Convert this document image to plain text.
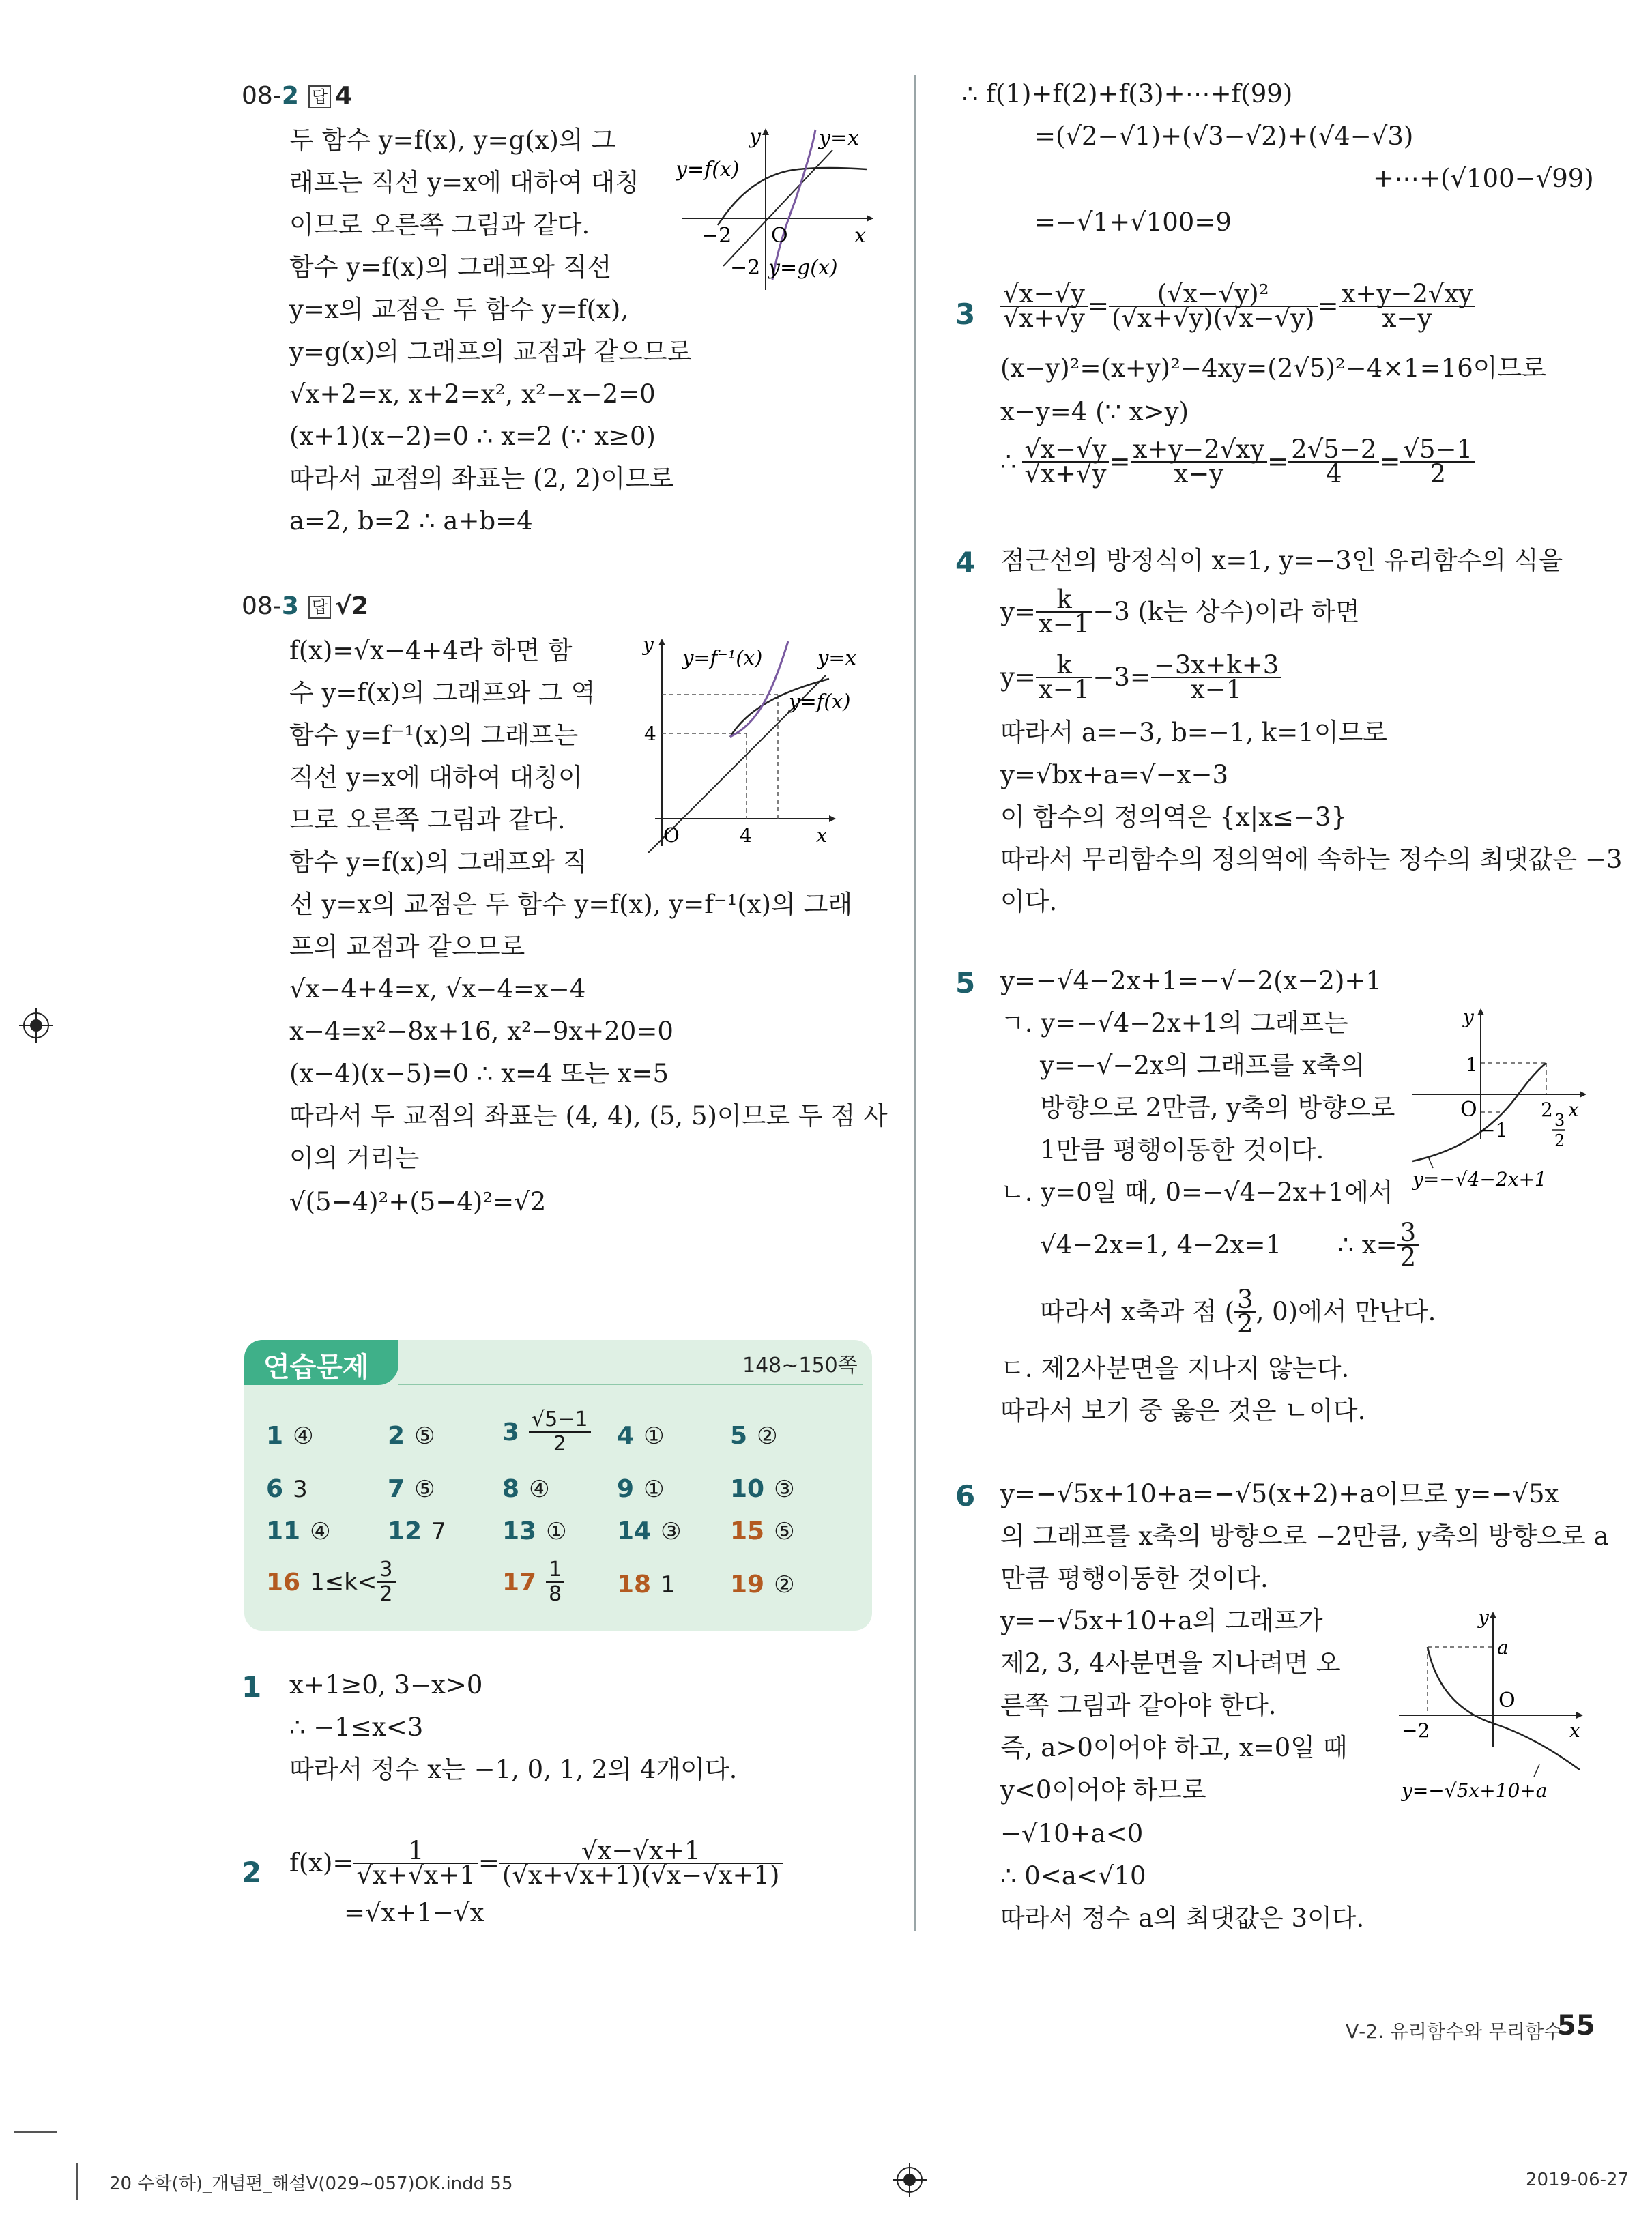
08-2 답 4
두 함수 y=f(x), y=g(x)의 그
래프는 직선 y=x에 대하여 대칭
이므로 오른쪽 그림과 같다.
함수 y=f(x)의 그래프와 직선
y=x의 교점은 두 함수 y=f(x),
y=g(x)의 그래프의 교점과 같으므로
√x+2=x, x+2=x², x²−x−2=0
(x+1)(x−2)=0 ∴ x=2 (∵ x≥0)
따라서 교점의 좌표는 (2, 2)이므로
a=2, b=2 ∴ a+b=4
y	y=x
y=f(x)
−2 O	x
−2 y=g(x)
08-3 답 √2
f(x)=√x−4+4라 하면 함
수 y=f(x)의 그래프와 그 역
함수 y=f⁻¹(x)의 그래프는
직선 y=x에 대하여 대칭이
므로 오른쪽 그림과 같다.
함수 y=f(x)의 그래프와 직
선 y=x의 교점은 두 함수 y=f(x), y=f⁻¹(x)의 그래
프의 교점과 같으므로
√x−4+4=x, √x−4=x−4
x−4=x²−8x+16, x²−9x+20=0
(x−4)(x−5)=0 ∴ x=4 또는 x=5
따라서 두 교점의 좌표는 (4, 4), (5, 5)이므로 두 점 사
이의 거리는
√(5−4)²+(5−4)²=√2
y
y=f⁻¹(x)	y=x
y=f(x)
4
O	4	x
연습문제	148∼150쪽
1 ④	2 ⑤	$3 \frac{√5-1}{2} 4$ ①	5 ②
6 3	7 ⑤	8 ④	9 ①	10 ③
11 ④ 12 7 13 ① 14 ③ 15 ⑤
16 $1\le k< \frac{3}{2}$	$17 \frac{1}{8} 18$ 1 19 ②
1 x+1≥0, 3−x>0
∴ −1≤x<3
따라서 정수 x는 −1, 0, 1, 2의 4개이다.
2 $f(x)= \frac{1}{√x+√x+1} = \frac{√x-√x+1}{(√x+√x+1)(√x-√x+1)}$
=√x+1−√x
∴ f(1)+f(2)+f(3)+⋯+f(99)
=(√2−√1)+(√3−√2)+(√4−√3)
+⋯+(√100−√99)
=−√1+√100=9
$3 \frac{√x-√y}{√x+√y} = \frac{\text{(√x−√y)²}}{(√x+√y)(√x-√y)} = \frac{x+y-2√xy}{x-y}$
(x−y)²=(x+y)²−4xy=(2√5)²−4×1=16이므로
x−y=4 (∵ x>y)
∴ $\frac{√x-√y}{√x+√y} = \frac{x+y-2√xy}{x-y} = \frac{2√5-2}{4} = \frac{√5-1}{2}$
4 점근선의 방정식이 x=1, y=−3인 유리함수의 식을
$y= \frac{k}{x-1} -3$ (k는 상수)이라 하면
$y= \frac{k}{x-1} -3= \frac{-3x+k+3}{x-1}$
따라서 a=−3, b=−1, k=1이므로
y=√bx+a=√−x−3
이 함수의 정의역은 {x|x≤−3}
따라서 무리함수의 정의역에 속하는 정수의 최댓값은 −3
이다.
5 y=−√4−2x+1=−√−2(x−2)+1
ㄱ. y=−√4−2x+1의 그래프는
y=−√−2x의 그래프를 x축의
방향으로 2만큼, y축의 방향으로
1만큼 평행이동한 것이다.
ㄴ. y=0일 때, 0=−√4−2x+1에서
√4−2x=1, 4−2x=1       ∴ $x= \frac{3}{2}$
따라서 x축과 점 ( $\frac{3}{2}$ , 0)에서 만난다.
ㄷ. 제2사분면을 지나지 않는다.
따라서 보기 중 옳은 것은 ㄴ이다.
y
1
O	2 x
−1	3
2
y=−√4−2x+1
6 y=−√5x+10+a=−√5(x+2)+a이므로 y=−√5x
의 그래프를 x축의 방향으로 −2만큼, y축의 방향으로 a
만큼 평행이동한 것이다.
y=−√5x+10+a의 그래프가
제2, 3, 4사분면을 지나려면 오
른쪽 그림과 같아야 한다.
즉, a>0이어야 하고, x=0일 때
y<0이어야 하므로
−√10+a<0
∴ 0<a<√10
따라서 정수 a의 최댓값은 3이다.
y
a
O
−2	x
y=−√5x+10+a
Ⅴ-2. 유리함수와 무리함수
55
20 수학(하)_개념편_해설Ⅴ(029~057)OK.indd 55	2019-06-27
